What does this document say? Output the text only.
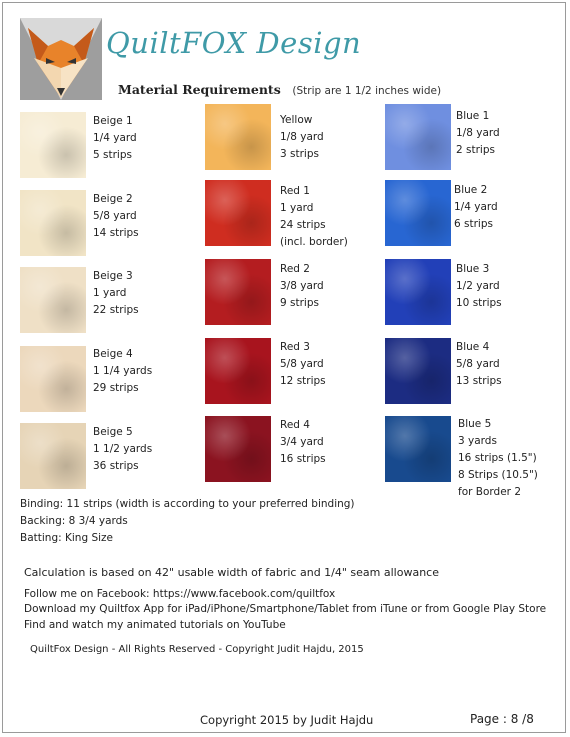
QuiltFOX Design
Material Requirements (Strip are 1 1/2 inches wide)
Beige 1
1/4 yard
5 strips
Beige 2
5/8 yard
14 strips
Beige 3
1 yard
22 strips
Beige 4
1 1/4 yards
29 strips
Beige 5
1 1/2 yards
36 strips
Yellow
1/8 yard
3 strips
Red 1
1 yard
24 strips
(incl. border)
Red 2
3/8 yard
9 strips
Red 3
5/8 yard
12 strips
Red 4
3/4 yard
16 strips
Blue 1
1/8 yard
2 strips
Blue 2
1/4 yard
6 strips
Blue 3
1/2 yard
10 strips
Blue 4
5/8 yard
13 strips
Blue 5
3 yards
16 strips (1.5")
8 Strips (10.5")
for Border 2
Binding: 11 strips (width is according to your preferred binding)
Backing: 8 3/4 yards
Batting: King Size
Calculation is based on 42" usable width of fabric and 1/4" seam allowance
Follow me on Facebook: https://www.facebook.com/quiltfox
Download my Quiltfox App for iPad/iPhone/Smartphone/Tablet from iTune or from Google Play Store
Find and watch my animated tutorials on YouTube
QuiltFox Design - All Rights Reserved - Copyright Judit Hajdu, 2015
Copyright 2015 by Judit Hajdu	Page : 8 /8
